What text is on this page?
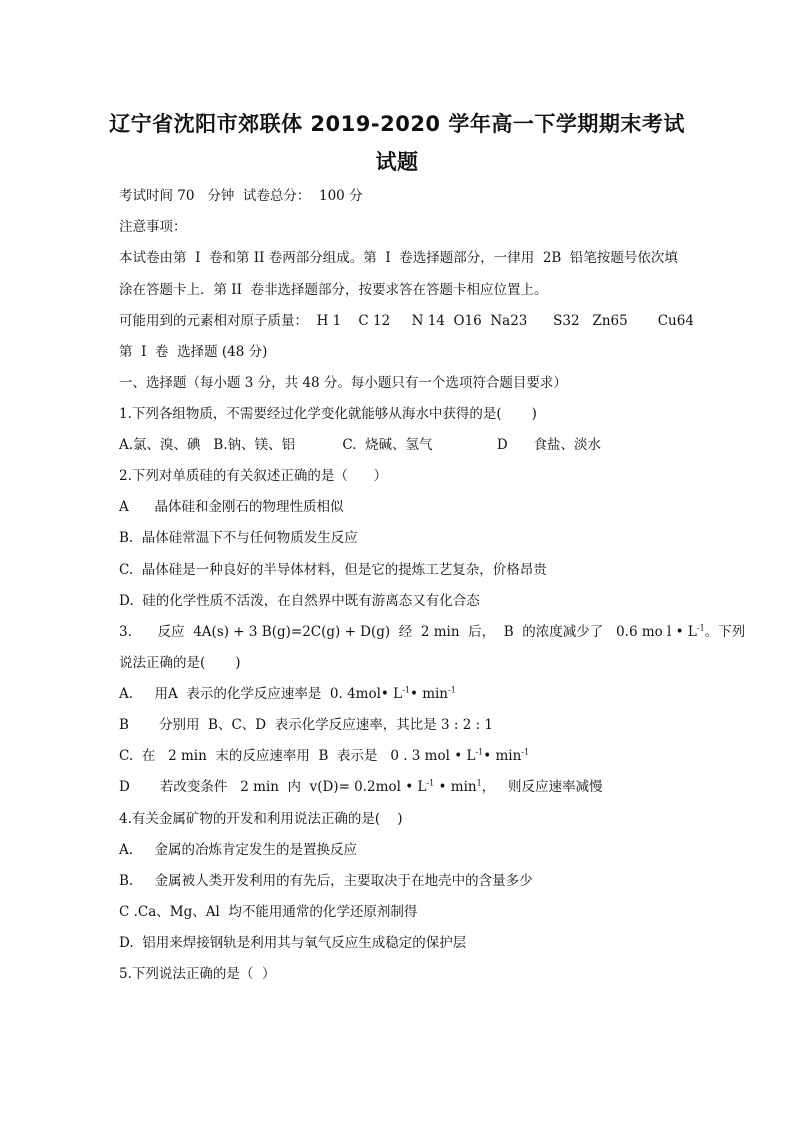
辽宁省沈阳市郊联体 2019-2020 学年高一下学期期末考试
试题
考试时间 70   分钟  试卷总分：  100 分
注意事项：
本试卷由第  I  卷和第 II 卷两部分组成。第  I  卷选择题部分，一律用  2B  铅笔按题号依次填
涂在答题卡上．第 II  卷非选择题部分，按要求答在答题卡相应位置上。
可能用到的元素相对原子质量：  H 1    C 12     N 14  O16  Na23      S32   Zn65       Cu64
第  I  卷  选择题 (48 分)
一、选择题（每小题 3 分，共 48 分。每小题只有一个选项符合题目要求）
1.下列各组物质，不需要经过化学变化就能够从海水中获得的是(       )
A.氯、溴、碘   B.钠、镁、铝           C.  烧碱、氢气               D      食盐、淡水
2.下列对单质硅的有关叙述正确的是（      ）
A      晶体硅和金刚石的物理性质相似
B.  晶体硅常温下不与任何物质发生反应
C.  晶体硅是一种良好的半导体材料，但是它的提炼工艺复杂，价格昂贵
D.  硅的化学性质不活泼，在自然界中既有游离态又有化合态
3.      反应  4A(s) + 3 B(g)=2C(g) + D(g)  经  2 min  后，  B  的浓度减少了   0.6 mo l • $L^{-1}$。下列
说法正确的是(       )
A.     用A  表示的化学反应速率是  0. 4mol• $L^{-1}•$ $\min^{-1}$
B       分别用  B、C、D  表示化学反应速率，其比是 3 : 2 : 1
C.  在   2 min  末的反应速率用  B  表示是   0 . 3 mol • $L^{-1}•$ $\min^{-1}$
D       若改变条件   2 min  内  v(D)= 0.2mol • $L^{-1}$ • $\min^1$，   则反应速率减慢
4.有关金属矿物的开发和利用说法正确的是(    )
A.     金属的冶炼肯定发生的是置换反应
B.     金属被人类开发利用的有先后，主要取决于在地壳中的含量多少
C .Ca、Mg、Al  均不能用通常的化学还原剂制得
D.  铝用来焊接钢轨是利用其与氧气反应生成稳定的保护层
5.下列说法正确的是（  ）
